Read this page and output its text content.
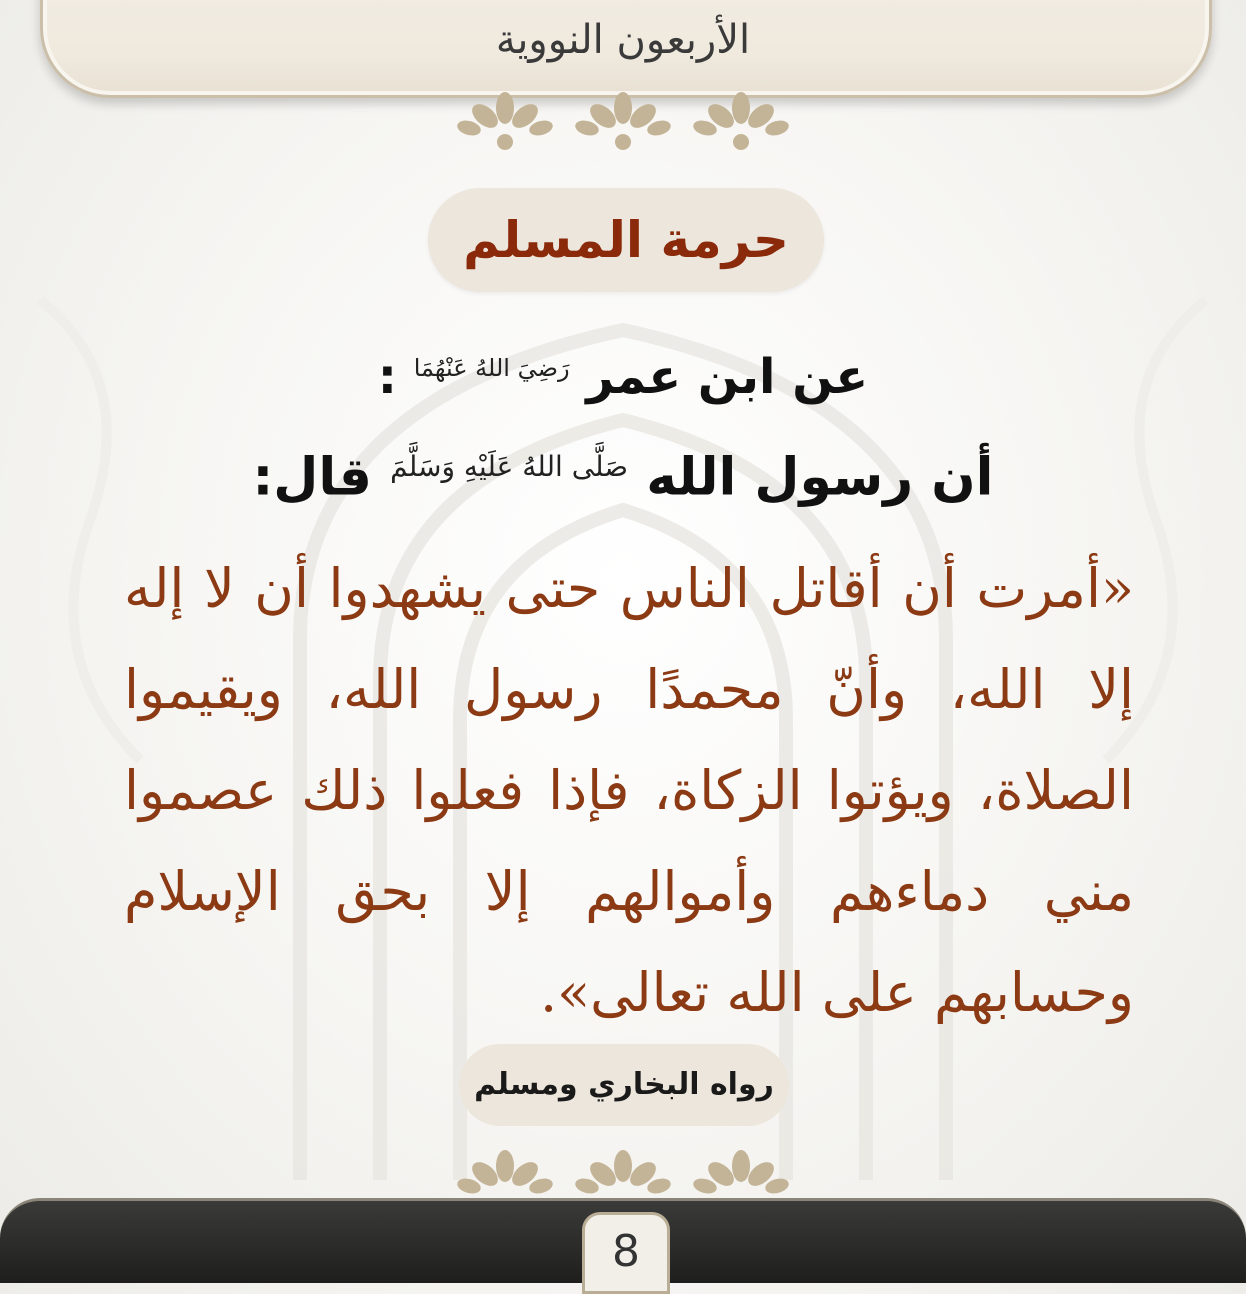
الأربعون النووية
حرمة المسلم
عن ابن عمر $^{رَضِيَ اللهُ عَنْهُمَا}$ :
أن رسول الله $^{صَلَّى اللهُ عَلَيْهِ وَسَلَّمَ}$ قال:
«أمرت أن أقاتل الناس حتى يشهدوا أن لا إله إلا الله، وأنّ محمدًا رسول الله، ويقيموا الصلاة، ويؤتوا الزكاة، فإذا فعلوا ذلك عصموا مني دماءهم وأموالهم إلا بحق الإسلام وحسابهم على الله تعالى».
رواه البخاري ومسلم
8
